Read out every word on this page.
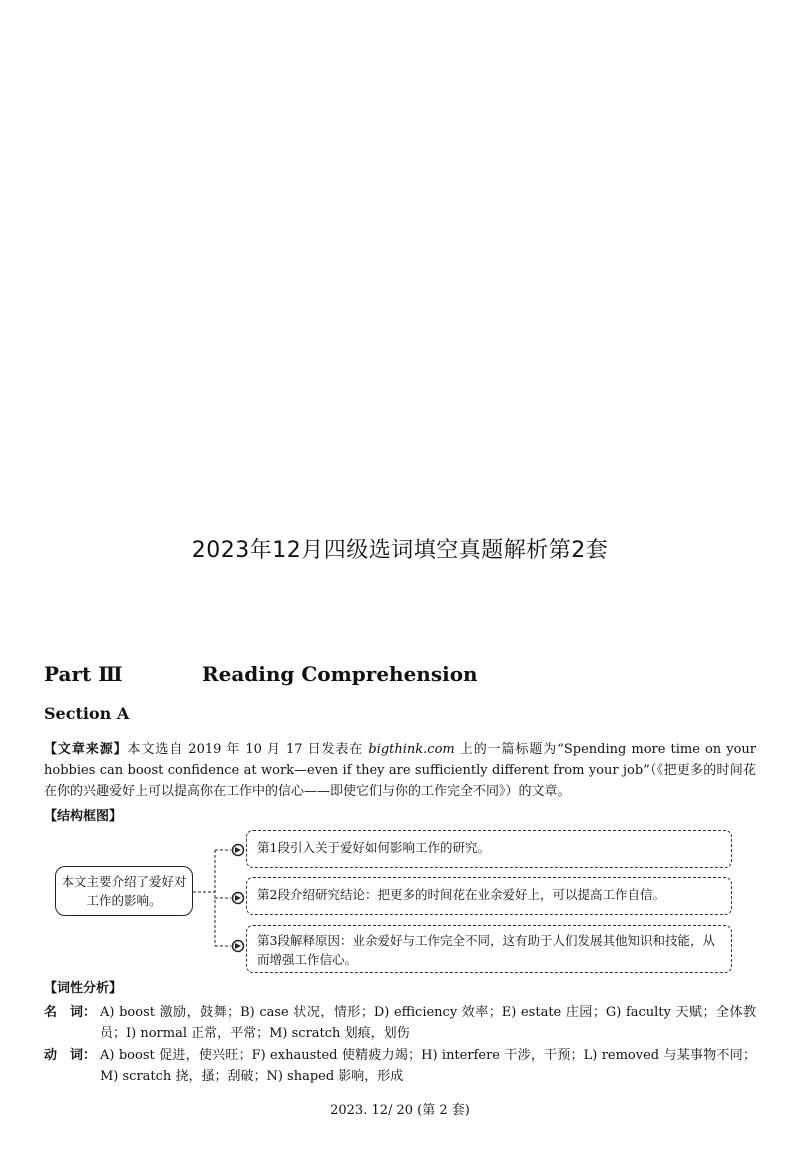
2023年12月四级选词填空真题解析第2套
Part Ⅲ	Reading Comprehension
Section A
【文章来源】本文选自 2019 年 10 月 17 日发表在 bigthink.com 上的一篇标题为“Spending more time on your hobbies can boost confidence at work—even if they are sufficiently different from your job”（《把更多的时间花在你的兴趣爱好上可以提高你在工作中的信心——即使它们与你的工作完全不同》）的文章。
【结构框图】
本文主要介绍了爱好对工作的影响。
第1段引入关于爱好如何影响工作的研究。
第2段介绍研究结论：把更多的时间花在业余爱好上，可以提高工作自信。
第3段解释原因：业余爱好与工作完全不同，这有助于人们发展其他知识和技能，从而增强工作信心。
【词性分析】
名　词： A) boost 激励，鼓舞；B) case 状况，情形；D) efficiency 效率；E) estate 庄园；G) faculty 天赋；全体教员；I) normal 正常，平常；M) scratch 划痕，划伤
动　词： A) boost 促进，使兴旺；F) exhausted 使精疲力竭；H) interfere 干涉，干预；L) removed 与某事物不同；M) scratch 挠，搔；刮破；N) shaped 影响，形成
2023. 12/ 20 (第 2 套)
